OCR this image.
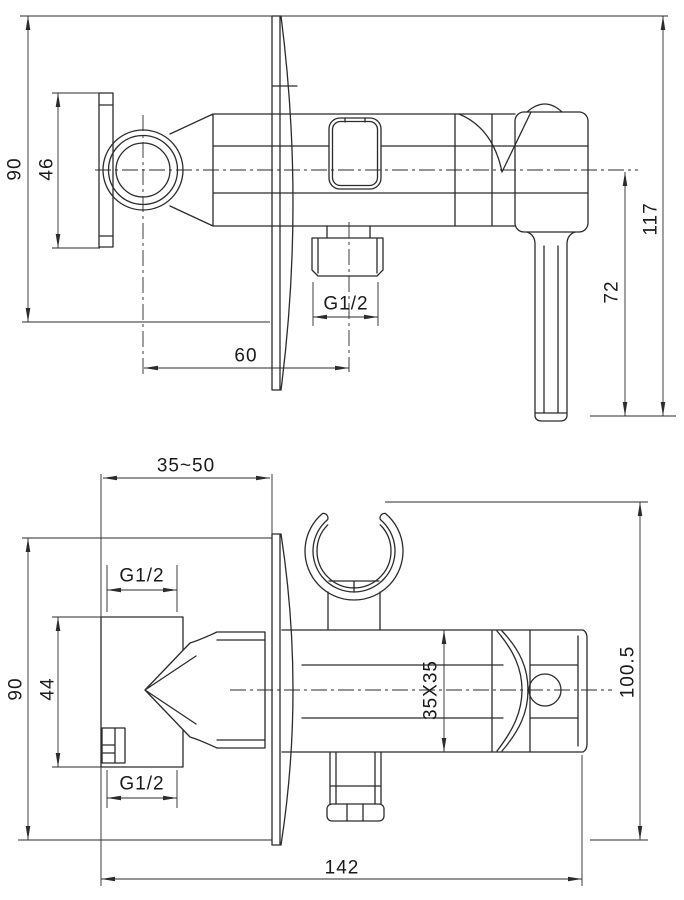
90 46
117
72
60
G1/2
35~50
90 44
G1/2
G1/2
142
100.5
35X35
